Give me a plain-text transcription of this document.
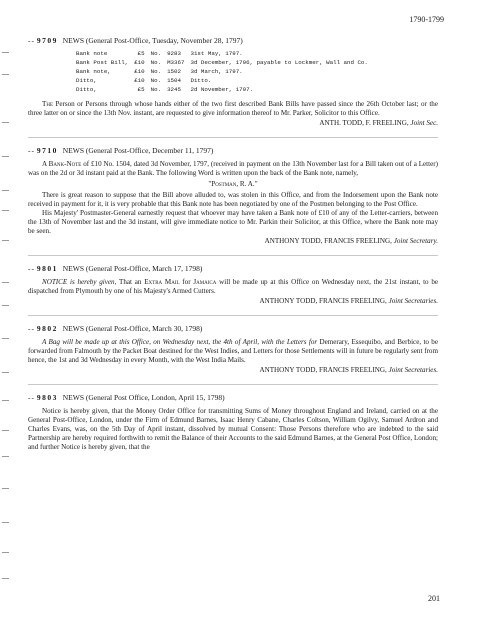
1790-1799
-- 9709 NEWS (General Post-Office, Tuesday, November 28, 1797)
Bank note	£5	No.	9283	31st May, 1797.
Bank Post Bill,	£10	No.	M3367	3d December, 1796, payable to Lockmer, Wall and Co.
Bank note,	£10	No.	1502	3d March, 1797.
Ditto,	£10	No.	1504	Ditto.
Ditto,	£5	No.	3245	2d November, 1797.

The Person or Persons through whose hands either of the two first described Bank Bills have passed since the 26th October last; or the three latter on or since the 13th Nov. instant, are requested to give information thereof to Mr. Parker, Solicitor to this Office.

ANTH. TODD, F. FREELING, Joint Sec.

-- 9710 NEWS (General Post-Office, December 11, 1797)

A Bank-Note of £10 No. 1504, dated 3d November, 1797, (received in payment on the 13th November last for a Bill taken out of a Letter) was on the 2d or 3d instant paid at the Bank. The following Word is written upon the back of the Bank note, namely,

"Postman, R. A."

There is great reason to suppose that the Bill above alluded to, was stolen in this Office, and from the Indorsement upon the Bank note received in payment for it, it is very probable that this Bank note has been negotiated by one of the Postmen belonging to the Post Office.

His Majesty' Postmaster-General earnestly request that whoever may have taken a Bank note of £10 of any of the Letter-carriers, between the 13th of November last and the 3d instant, will give immediate notice to Mr. Parkin their Solicitor, at this Office, where the Bank note may be seen.

ANTHONY TODD, FRANCIS FREELING, Joint Secretary.

-- 9801 NEWS (General Post-Office, March 17, 1798)

NOTICE is hereby given, That an Extra Mail for Jamaica will be made up at this Office on Wednesday next, the 21st instant, to be dispatched from Plymouth by one of his Majesty's Armed Cutters.

ANTHONY TODD, FRANCIS FREELING, Joint Secretaries.

-- 9802 NEWS (General Post-Office, March 30, 1798)

A Bag will be made up at this Office, on Wednesday next, the 4th of April, with the Letters for Demerary, Essequibo, and Berbice, to be forwarded from Falmouth by the Packet Boat destined for the West Indies, and Letters for those Settlements will in future be regularly sent from hence, the 1st and 3d Wednesday in every Month, with the West India Mails.

ANTHONY TODD, FRANCIS FREELING, Joint Secretaries.

-- 9803 NEWS (General Post Office, London, April 15, 1798)

Notice is hereby given, that the Money Order Office for transmitting Sums of Money throughout England and Ireland, carried on at the General Post-Office, London, under the Firm of Edmund Barnes, Isaac Henry Cabane, Charles Coltson, William Ogilvy, Samuel Ardron and Charles Evans, was, on the 5th Day of April instant, dissolved by mutual Consent: Those Persons therefore who are indebted to the said Partnership are hereby required forthwith to remit the Balance of their Accounts to the said Edmund Barnes, at the General Post Office, London; and further Notice is hereby given, that the

201
